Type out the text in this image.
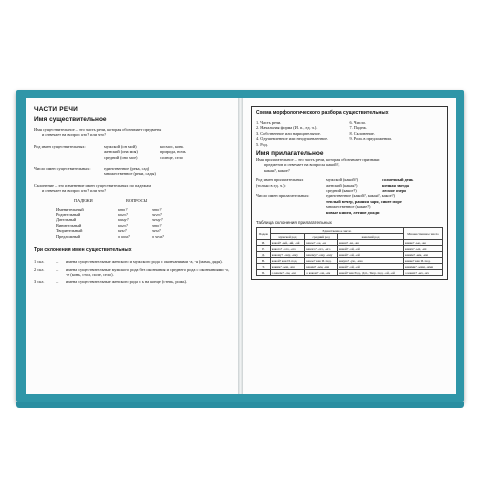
ЧАСТИ РЕЧИ
Имя существительное
Имя существительное – это часть речи, которая обозначает предметы
и отвечает на вопрос кто? или что?
Род имен существительных:	мужской (он мой)	космос, конь
женский (она моя)	природа, ночь
средний (оно мое)	солнце, село
Число имен существительных:	единственное (река, сад)
множественное (реки, сады)
Склонение – это изменение имен существительных по падежам
и отвечает на вопрос кто? или что?
ПАДЕЖИ	ВОПРОСЫ
Именительный	кто?	что?
Родительный	кого?	чего?
Дательный	кому?	чему?
Винительный	кого?	что?
Творительный	кем?	чем?
Предложный	о ком?	о чем?
Три склонения имен существительных
1 скл.	–	имена существительные женского и мужского рода с окончаниями -а, -я (мама, дядя).
2 скл.	–	имена существительные мужского рода без окончания и среднего рода с окончаниями -о, -е (конь, стол, поле, село).
3 скл.	–	имена существительные женского рода с ь на конце (степь, рожь).
Схема морфологического разбора существительных
1. Часть речи.
2. Начальная форма (И. п., ед. ч.).
3. Собственное или нарицательное.
4. Одушевленное или неодушевленное.
5. Род.
6. Число.
7. Падеж.
8. Склонение.
9. Роль в предложении.
Имя прилагательное
Имя прилагательное – это часть речи, которая обозначает признаки
предметов и отвечает на вопросы какой?,
какая?, какое?
Род имен прилагательных	мужской (какой?)	солнечный день
(только в ед. ч.):	женский (какая?)	ночная звезда
средний (какое?)	лесное озеро
Число имен прилагательных:	единственное (какой?, какая?, какое?)
теплый вечер, ранняя заря, синее море
множественное (какие?)
новые книги, летние дожди
Таблица склонения прилагательных
Падеж	Единственное число			Множественное число
	мужской род	средний род	женский род	
И.	какой? -ый, -ий, -ой	какое? -ое, -ее	какая? -ая, -яя	какие? -ые, -ие
Р.	какого? -ого, -его	какого? -ого, -его	какой? -ой, -ей	каких? -ых, -их
Д.	какому? -ому, -ему	какому? -ому, -ему	какой? -ой, -ей	каким? -ым, -им
В.	какой? как И. под.	какое? как И. под.	какую? -ую, -юю	какие? как И. под.
Т.	каким? -ым, -им	каким? -ым, -им	какой? -ой, -ей	какими? -ыми, -ими
П.	о каком? -ом, -ем	о каком? -ом, -ем	какой? как Род., Дат., Твор. под. -ой, -ей	о каких? -ых, -их
